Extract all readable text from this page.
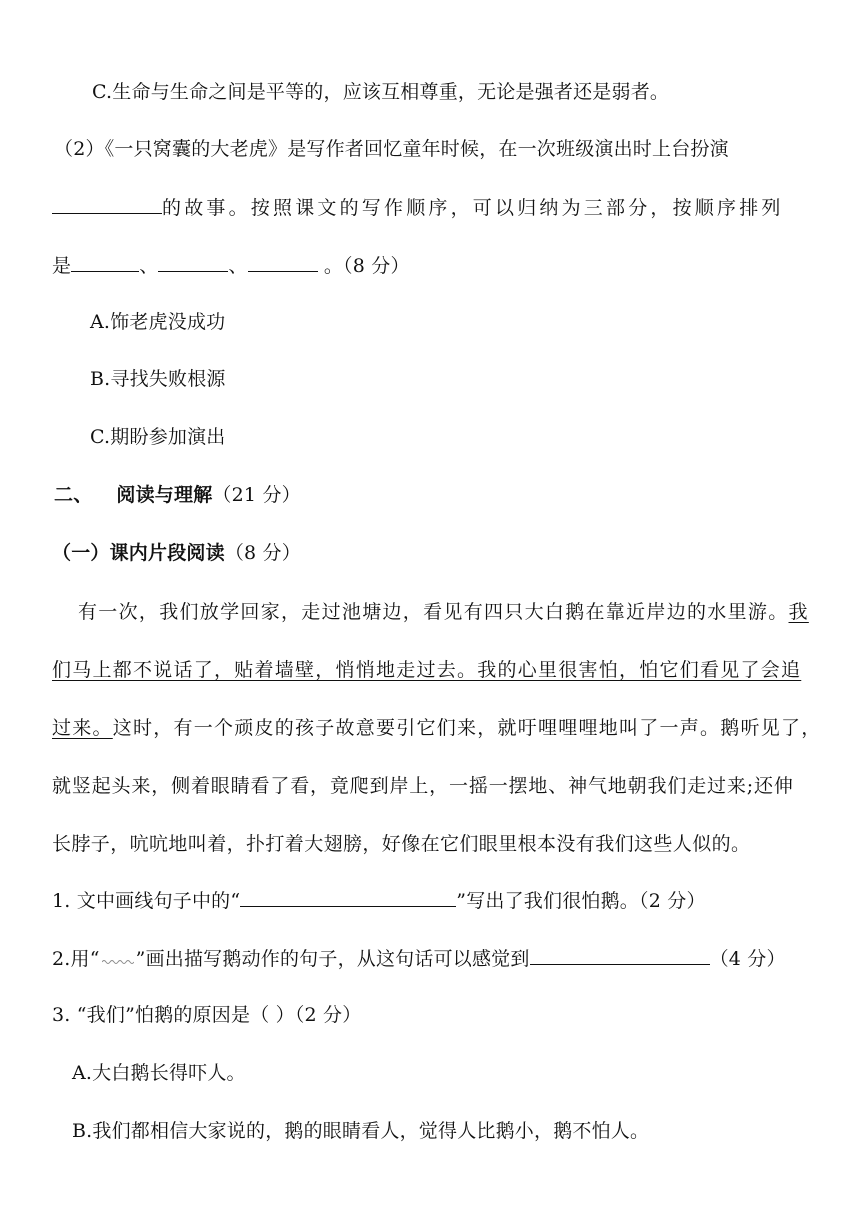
C.生命与生命之间是平等的，应该互相尊重，无论是强者还是弱者。
（2）《一只窝囊的大老虎》是写作者回忆童年时候，在一次班级演出时上台扮演
的故事。按照课文的写作顺序，可以归纳为三部分，按顺序排列
是	、	、	。（8 分）
A.饰老虎没成功
B.寻找失败根源
C.期盼参加演出
二、 阅读与理解（21 分）
（一）课内片段阅读（8 分）
有一次，我们放学回家，走过池塘边，看见有四只大白鹅在靠近岸边的水里游。我
们马上都不说话了，贴着墙壁，悄悄地走过去。我的心里很害怕，怕它们看见了会追
过来。这时，有一个顽皮的孩子故意要引它们来，就吁哩哩哩地叫了一声。鹅听见了，
就竖起头来，侧着眼睛看了看，竟爬到岸上，一摇一摆地、神气地朝我们走过来;还伸
长脖子，吭吭地叫着，扑打着大翅膀，好像在它们眼里根本没有我们这些人似的。
1. 文中画线句子中的“	”写出了我们很怕鹅。（2 分）
2.用“ ”画出描写鹅动作的句子，从这句话可以感觉到	（4 分）
3. “我们”怕鹅的原因是（ ）（2 分）
A.大白鹅长得吓人。
B.我们都相信大家说的，鹅的眼睛看人，觉得人比鹅小，鹅不怕人。
